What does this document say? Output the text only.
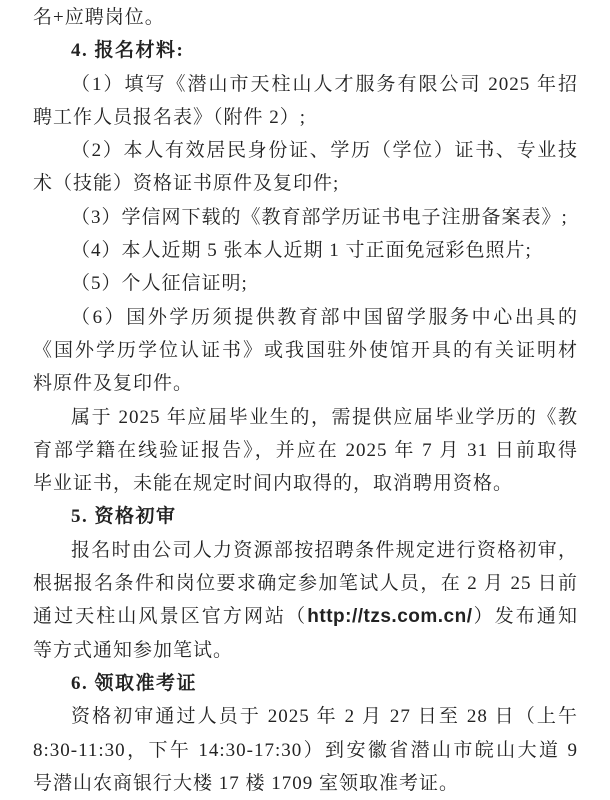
名+应聘岗位。

4. 报名材料:

（1）填写《潜山市天柱山人才服务有限公司 2025 年招

聘工作人员报名表》（附件 2）;

（2）本人有效居民身份证、学历（学位）证书、专业技

术（技能）资格证书原件及复印件;

（3）学信网下载的《教育部学历证书电子注册备案表》;

（4）本人近期 5 张本人近期 1 寸正面免冠彩色照片;

（5）个人征信证明;

（6）国外学历须提供教育部中国留学服务中心出具的

《国外学历学位认证书》或我国驻外使馆开具的有关证明材

料原件及复印件。

属于 2025 年应届毕业生的，需提供应届毕业学历的《教

育部学籍在线验证报告》，并应在 2025 年 7 月 31 日前取得

毕业证书，未能在规定时间内取得的，取消聘用资格。

5. 资格初审

报名时由公司人力资源部按招聘条件规定进行资格初审，

根据报名条件和岗位要求确定参加笔试人员，在 2 月 25 日前

通过天柱山风景区官方网站（http://tzs.com.cn/）发布通知

等方式通知参加笔试。

6. 领取准考证

资格初审通过人员于 2025 年 2 月 27 日至 28 日（上午

8:30-11:30，下午 14:30-17:30）到安徽省潜山市皖山大道 9

号潜山农商银行大楼 17 楼 1709 室领取准考证。
